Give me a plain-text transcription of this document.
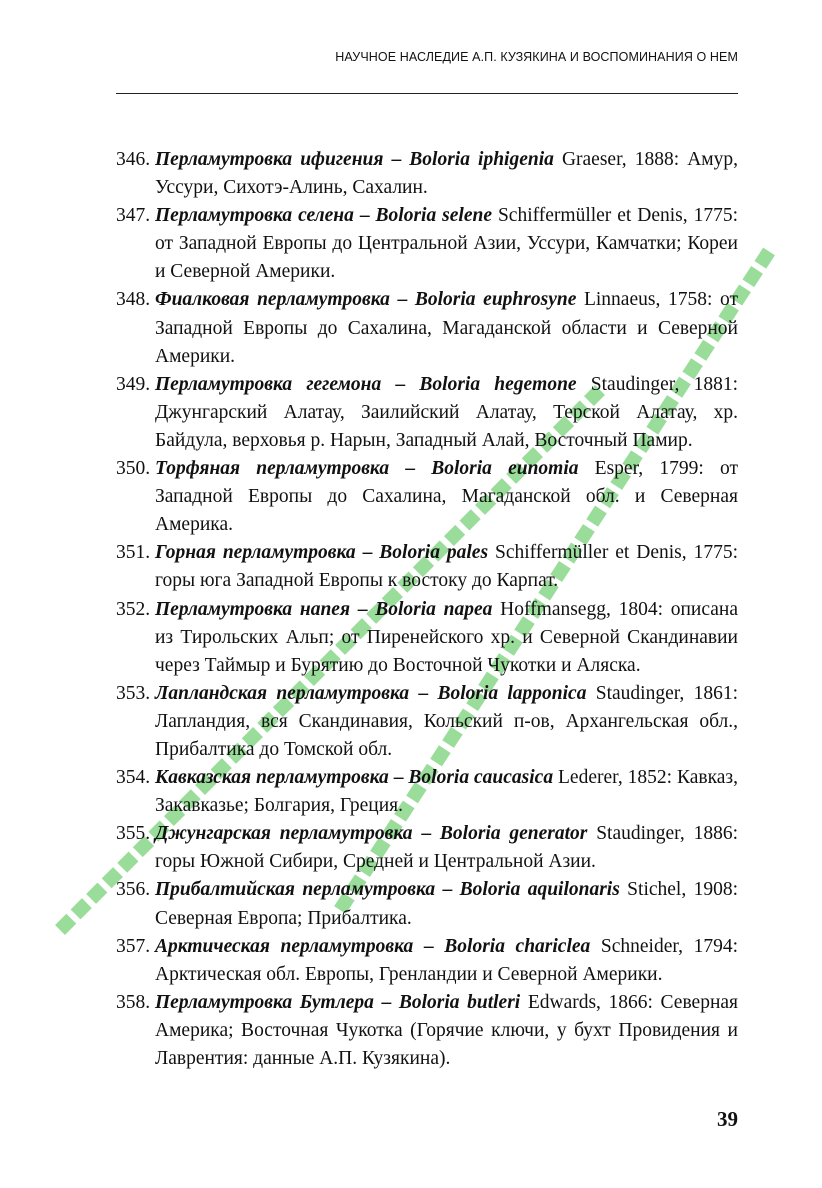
НАУЧНОЕ НАСЛЕДИЕ А.П. КУЗЯКИНА И ВОСПОМИНАНИЯ О НЕМ
346. Перламутровка ифигения – Boloria iphigenia Graeser, 1888: Амур, Уссури, Сихотэ-Алинь, Сахалин.
347. Перламутровка селена – Boloria selene Schiffermüller et Denis, 1775: от Западной Европы до Центральной Азии, Уссури, Камчатки; Кореи и Северной Америки.
348. Фиалковая перламутровка – Boloria euphrosyne Linnaeus, 1758: от Западной Европы до Сахалина, Магаданской области и Северной Америки.
349. Перламутровка гегемона – Boloria hegemone Staudinger, 1881: Джунгарский Алатау, Заилийский Алатау, Терской Алатау, хр. Байдула, верховья р. Нарын, Западный Алай, Восточный Памир.
350. Торфяная перламутровка – Boloria eunomia Esper, 1799: от Западной Европы до Сахалина, Магаданской обл. и Северная Америка.
351. Горная перламутровка – Boloria pales Schiffermüller et Denis, 1775: горы юга Западной Европы к востоку до Карпат.
352. Перламутровка напея – Boloria napea Hoffmansegg, 1804: описана из Тирольских Альп; от Пиренейского хр. и Северной Скандинавии через Таймыр и Бурятию до Восточной Чукотки и Аляска.
353. Лапландская перламутровка – Boloria lapponica Staudinger, 1861: Лапландия, вся Скандинавия, Кольский п-ов, Архангельская обл., Прибалтика до Томской обл.
354. Кавказская перламутровка – Boloria caucasica Lederer, 1852: Кавказ, Закавказье; Болгария, Греция.
355. Джунгарская перламутровка – Boloria generator Staudinger, 1886: горы Южной Сибири, Средней и Центральной Азии.
356. Прибалтийская перламутровка – Boloria aquilonaris Stichel, 1908: Северная Европа; Прибалтика.
357. Арктическая перламутровка – Boloria chariclea Schneider, 1794: Арктическая обл. Европы, Гренландии и Северной Америки.
358. Перламутровка Бутлера – Boloria butleri Edwards, 1866: Северная Америка; Восточная Чукотка (Горячие ключи, у бухт Провидения и Лаврентия: данные А.П. Кузякина).
39
